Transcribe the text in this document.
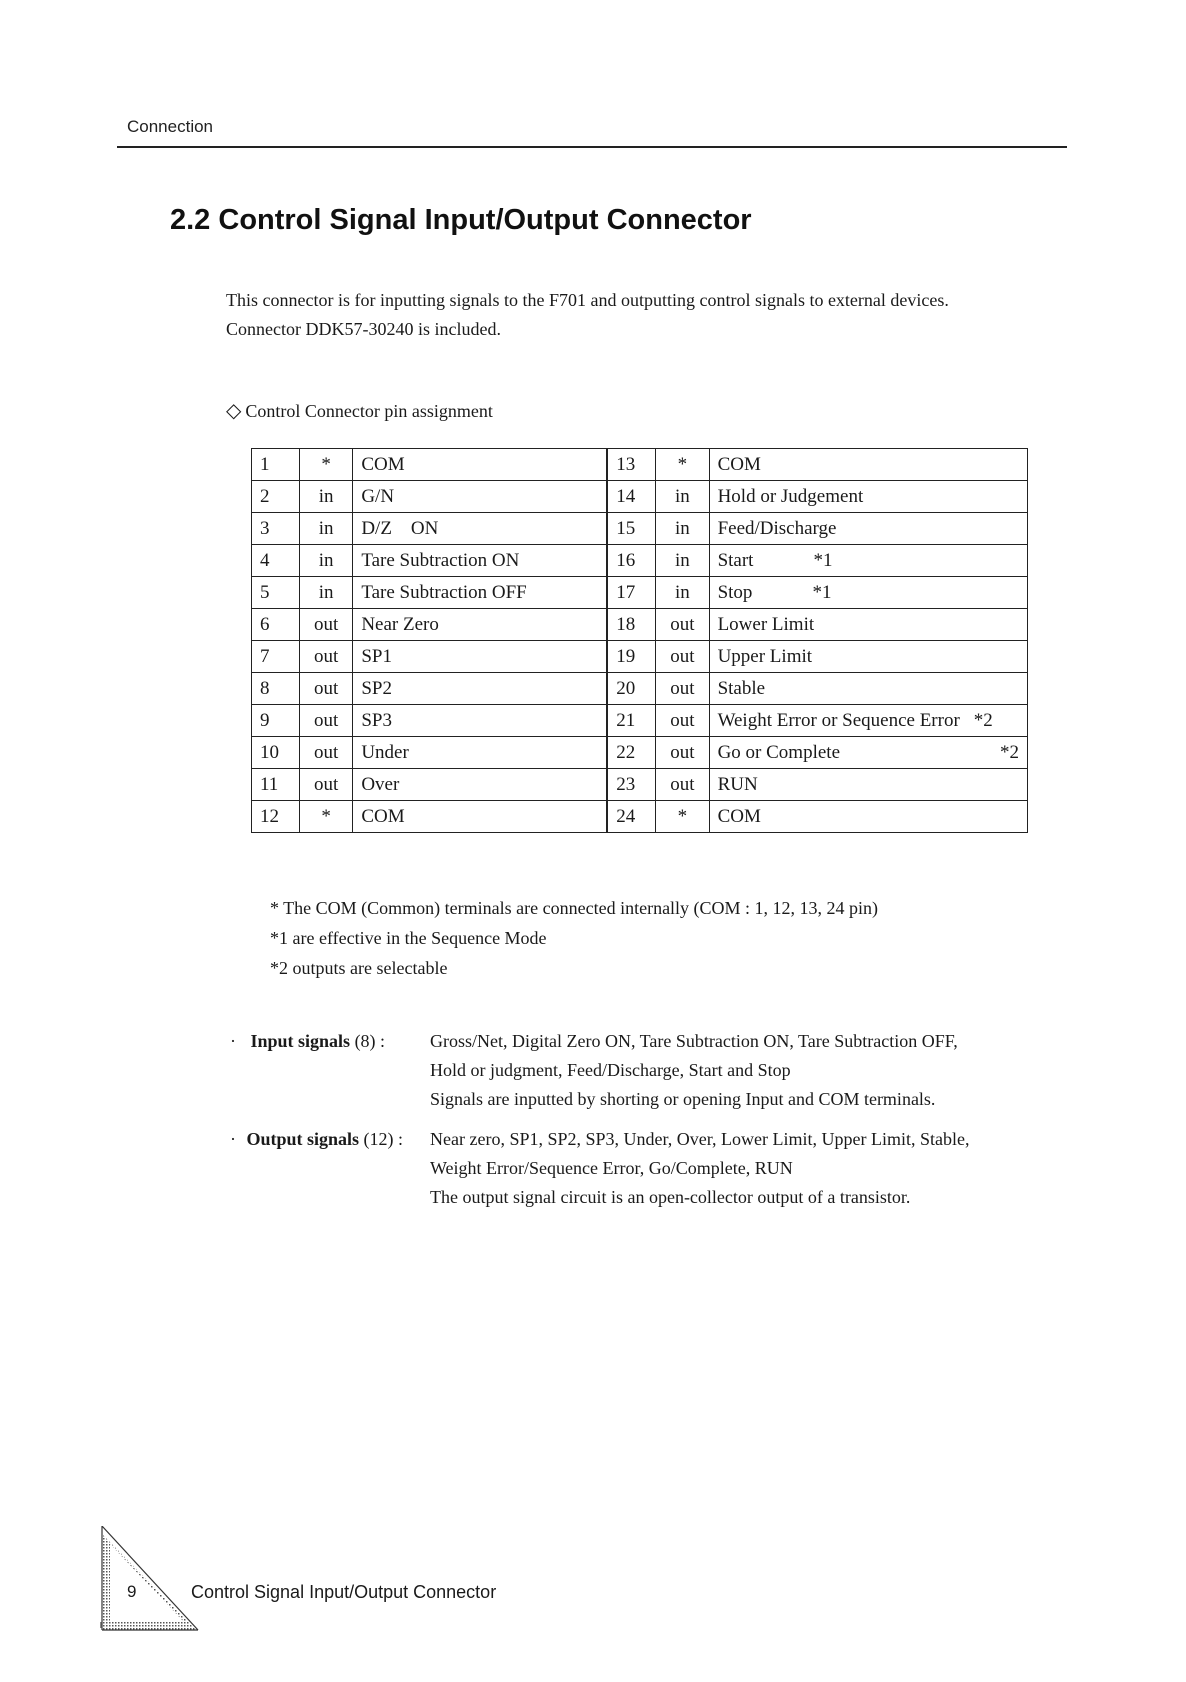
Connection
2.2 Control Signal Input/Output Connector
This connector is for inputting signals to the F701 and outputting control signals to external devices.
Connector DDK57-30240 is included.
◇ Control Connector pin assignment
1	*	COM	13	*	COM
2	in	G/N	14	in	Hold or Judgement
3	in	D/Z    ON	15	in	Feed/Discharge
4	in	Tare Subtraction ON	16	in	Start *1
5	in	Tare Subtraction OFF	17	in	Stop *1
6	out	Near Zero	18	out	Lower Limit
7	out	SP1	19	out	Upper Limit
8	out	SP2	20	out	Stable
9	out	SP3	21	out	Weight Error or Sequence Error *2
10	out	Under	22	out	Go or Complete *2

11	out	Over	23	out	RUN
12	*	COM	24	*	COM
* The COM (Common) terminals are connected internally (COM : 1, 12, 13, 24 pin)
*1 are effective in the Sequence Mode
*2 outputs are selectable
· Input signals (8) : Gross/Net, Digital Zero ON, Tare Subtraction ON, Tare Subtraction OFF,
Hold or judgment, Feed/Discharge, Start and Stop
Signals are inputted by shorting or opening Input and COM terminals.
· Output signals (12) : Near zero, SP1, SP2, SP3, Under, Over, Lower Limit, Upper Limit, Stable,
Weight Error/Sequence Error, Go/Complete, RUN
The output signal circuit is an open-collector output of a transistor.
9	Control Signal Input/Output Connector
